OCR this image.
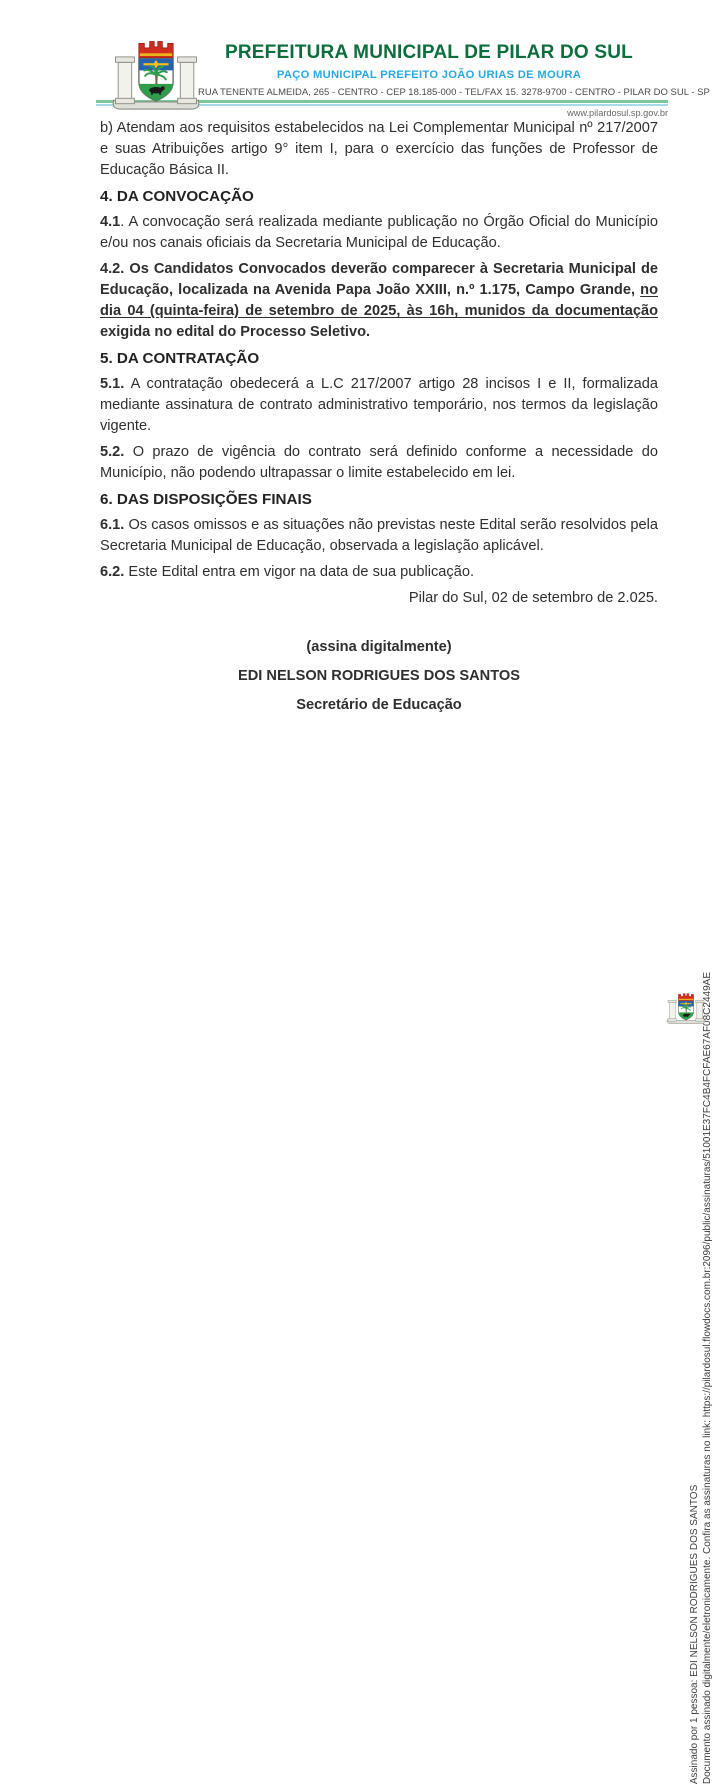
PREFEITURA MUNICIPAL DE PILAR DO SUL
PAÇO MUNICIPAL PREFEITO JOÃO URIAS DE MOURA
RUA TENENTE ALMEIDA, 265 - CENTRO - CEP 18.185-000 - TEL/FAX 15. 3278-9700 - CENTRO - PILAR DO SUL - SP
www.pilardosul.sp.gov.br

b) Atendam aos requisitos estabelecidos na Lei Complementar Municipal nº 217/2007 e suas Atribuições artigo 9° item I, para o exercício das funções de Professor de Educação Básica II.

4. DA CONVOCAÇÃO

4.1. A convocação será realizada mediante publicação no Órgão Oficial do Município e/ou nos canais oficiais da Secretaria Municipal de Educação.

4.2. Os Candidatos Convocados deverão comparecer à Secretaria Municipal de Educação, localizada na Avenida Papa João XXIII, n.º 1.175, Campo Grande, no dia 04 (quinta-feira) de setembro de 2025, às 16h, munidos da documentação exigida no edital do Processo Seletivo.

5. DA CONTRATAÇÃO

5.1. A contratação obedecerá a L.C 217/2007 artigo 28 incisos I e II, formalizada mediante assinatura de contrato administrativo temporário, nos termos da legislação vigente.

5.2. O prazo de vigência do contrato será definido conforme a necessidade do Município, não podendo ultrapassar o limite estabelecido em lei.

6. DAS DISPOSIÇÕES FINAIS

6.1. Os casos omissos e as situações não previstas neste Edital serão resolvidos pela Secretaria Municipal de Educação, observada a legislação aplicável.

6.2. Este Edital entra em vigor na data de sua publicação.

Pilar do Sul, 02 de setembro de 2.025.

(assina digitalmente)

EDI NELSON RODRIGUES DOS SANTOS

Secretário de Educação

Assinado por 1 pessoa: EDI NELSON RODRIGUES DOS SANTOS Documento assinado digitalmente/eletronicamente. Confira as assinaturas no link: https://pilardosul.flowdocs.com.br:2096/public/assinaturas/51001E37FC4B4FCFAE67AF08C2449AE
